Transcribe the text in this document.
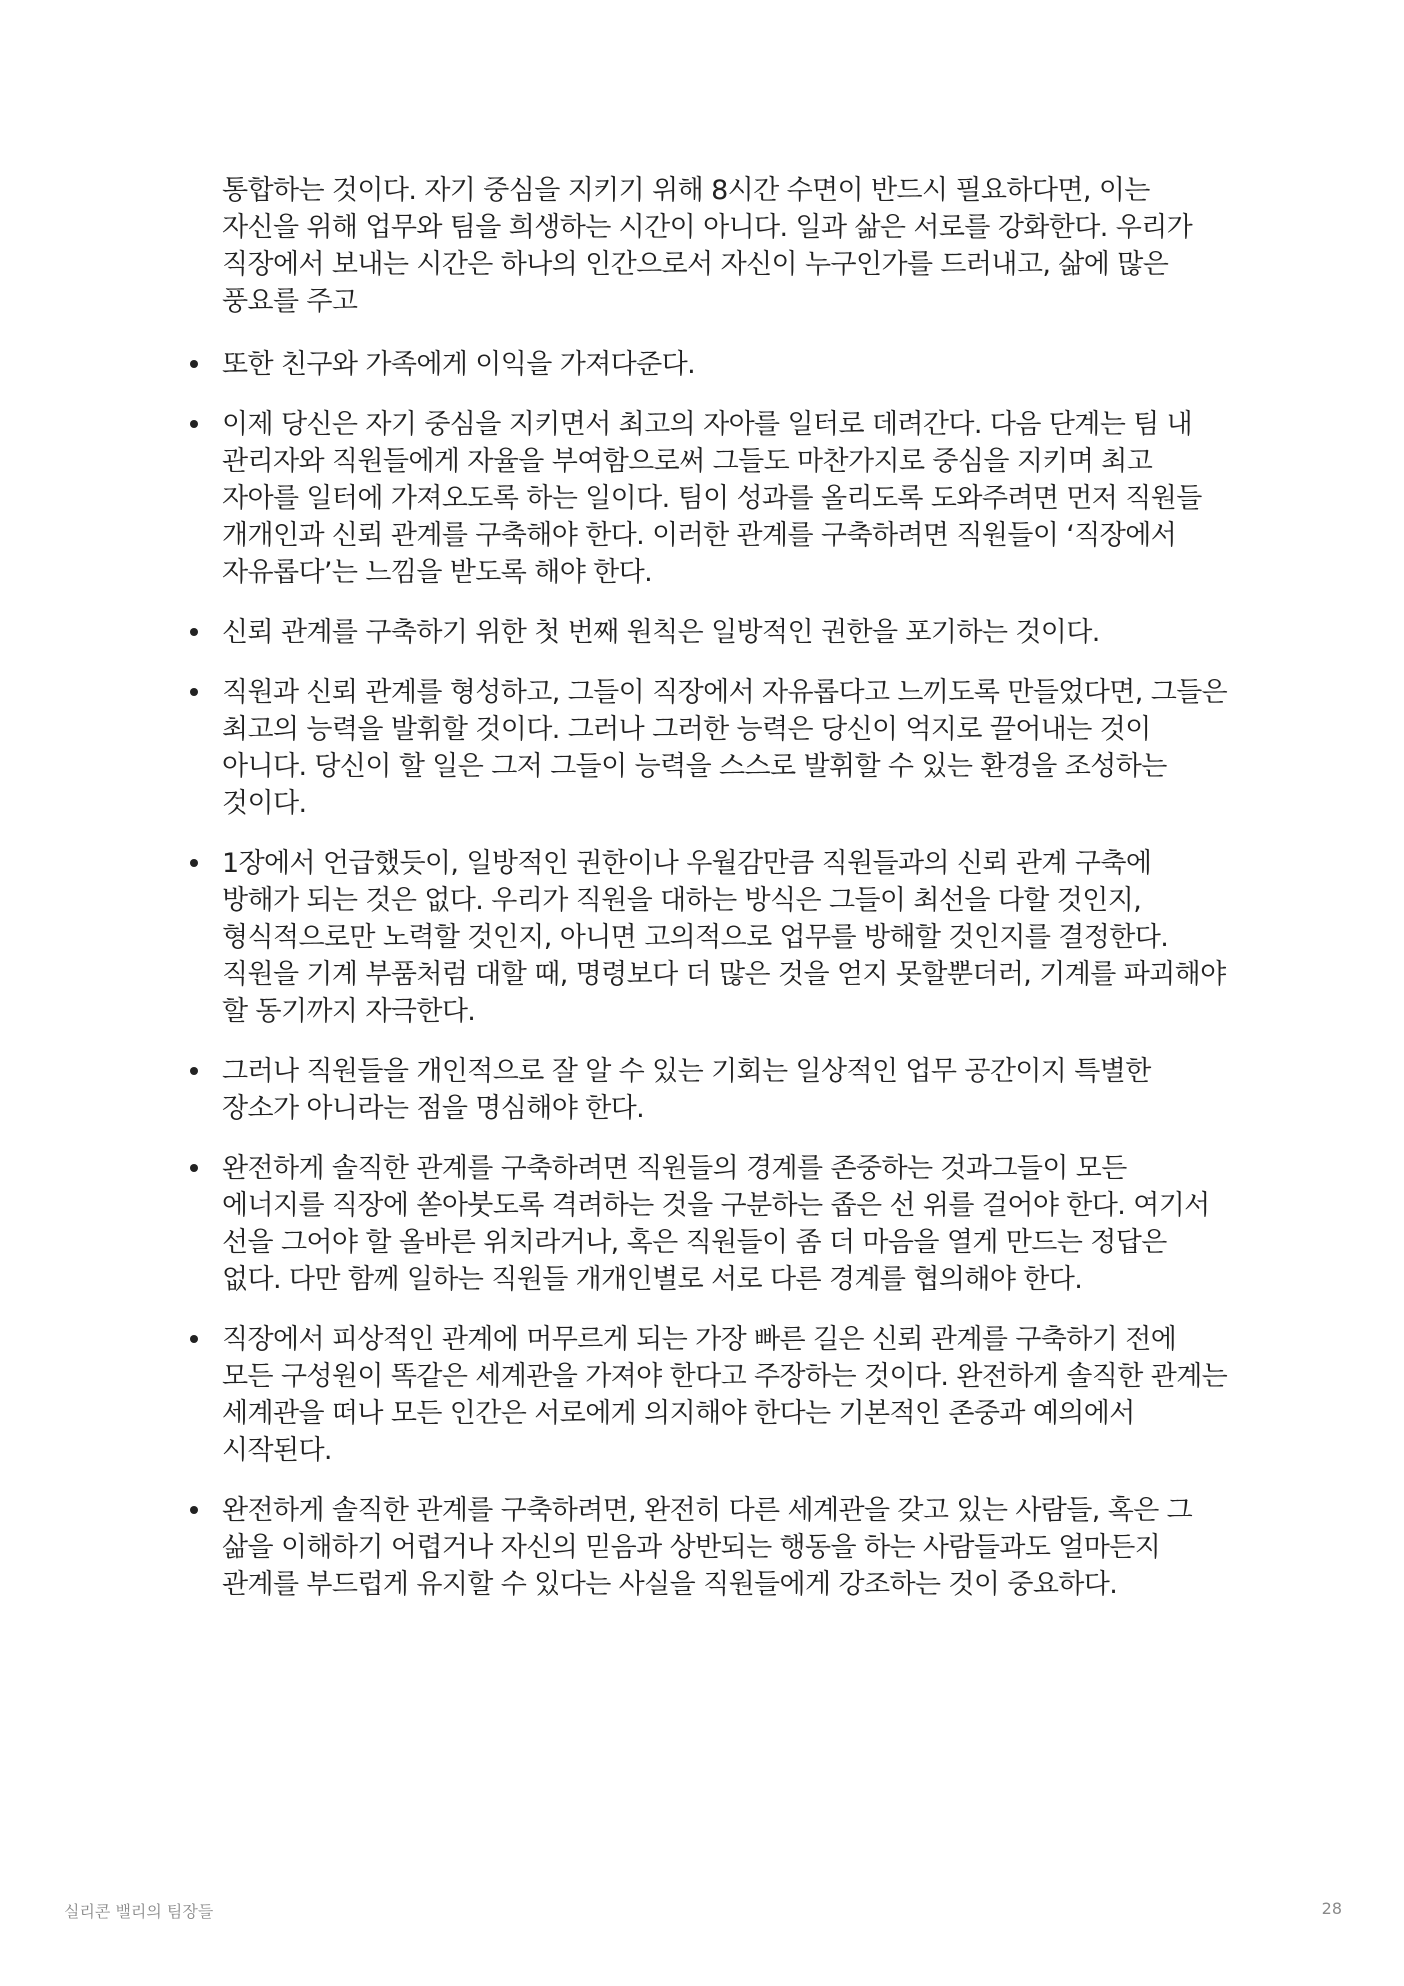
통합하는 것이다. 자기 중심을 지키기 위해 8시간 수면이 반드시 필요하다면, 이는 자신을 위해 업무와 팀을 희생하는 시간이 아니다. 일과 삶은 서로를 강화한다. 우리가 직장에서 보내는 시간은 하나의 인간으로서 자신이 누구인가를 드러내고, 삶에 많은 풍요를 주고

또한 친구와 가족에게 이익을 가져다준다.

이제 당신은 자기 중심을 지키면서 최고의 자아를 일터로 데려간다. 다음 단계는 팀 내 관리자와 직원들에게 자율을 부여함으로써 그들도 마찬가지로 중심을 지키며 최고 자아를 일터에 가져오도록 하는 일이다. 팀이 성과를 올리도록 도와주려면 먼저 직원들 개개인과 신뢰 관계를 구축해야 한다. 이러한 관계를 구축하려면 직원들이 ‘직장에서 자유롭다’는 느낌을 받도록 해야 한다.

신뢰 관계를 구축하기 위한 첫 번째 원칙은 일방적인 권한을 포기하는 것이다.

직원과 신뢰 관계를 형성하고, 그들이 직장에서 자유롭다고 느끼도록 만들었다면, 그들은 최고의 능력을 발휘할 것이다. 그러나 그러한 능력은 당신이 억지로 끌어내는 것이 아니다. 당신이 할 일은 그저 그들이 능력을 스스로 발휘할 수 있는 환경을 조성하는 것이다.

1장에서 언급했듯이, 일방적인 권한이나 우월감만큼 직원들과의 신뢰 관계 구축에 방해가 되는 것은 없다. 우리가 직원을 대하는 방식은 그들이 최선을 다할 것인지, 형식적으로만 노력할 것인지, 아니면 고의적으로 업무를 방해할 것인지를 결정한다. 직원을 기계 부품처럼 대할 때, 명령보다 더 많은 것을 얻지 못할뿐더러, 기계를 파괴해야 할 동기까지 자극한다.

그러나 직원들을 개인적으로 잘 알 수 있는 기회는 일상적인 업무 공간이지 특별한 장소가 아니라는 점을 명심해야 한다.

완전하게 솔직한 관계를 구축하려면 직원들의 경계를 존중하는 것과그들이 모든 에너지를 직장에 쏟아붓도록 격려하는 것을 구분하는 좁은 선 위를 걸어야 한다. 여기서 선을 그어야 할 올바른 위치라거나, 혹은 직원들이 좀 더 마음을 열게 만드는 정답은 없다. 다만 함께 일하는 직원들 개개인별로 서로 다른 경계를 협의해야 한다.

직장에서 피상적인 관계에 머무르게 되는 가장 빠른 길은 신뢰 관계를 구축하기 전에 모든 구성원이 똑같은 세계관을 가져야 한다고 주장하는 것이다. 완전하게 솔직한 관계는 세계관을 떠나 모든 인간은 서로에게 의지해야 한다는 기본적인 존중과 예의에서 시작된다.

완전하게 솔직한 관계를 구축하려면, 완전히 다른 세계관을 갖고 있는 사람들, 혹은 그 삶을 이해하기 어렵거나 자신의 믿음과 상반되는 행동을 하는 사람들과도 얼마든지 관계를 부드럽게 유지할 수 있다는 사실을 직원들에게 강조하는 것이 중요하다.

실리콘 밸리의 팀장들	28
